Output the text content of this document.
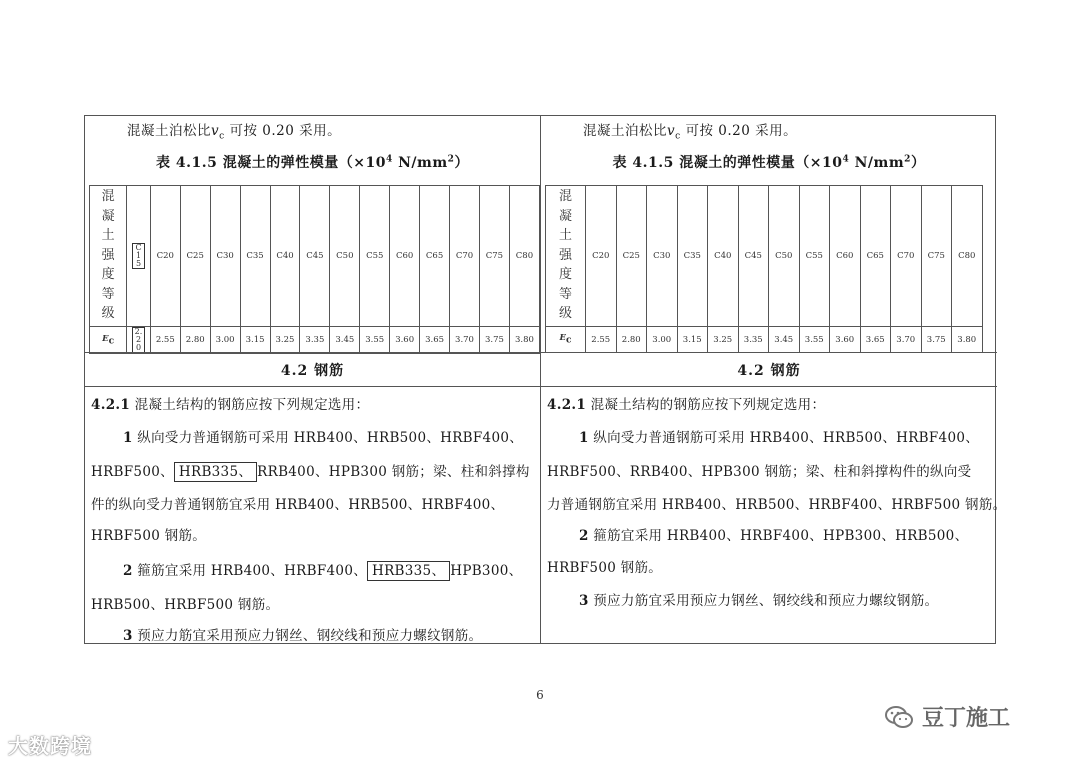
混凝土泊松比$v_c$ 可按 0.20 采用。
表 4.1.5 混凝土的弹性模量（$\times 10^4$ $N/mm^2$）
混凝土强度等级	C15	C20	C25	C30	C35	C40	C45	C50	C55	C60	C65	C70	C75	C80
$E_c$	2.20	2.55	2.80	3.00	3.15	3.25	3.35	3.45	3.55	3.60	3.65	3.70	3.75	3.80
4.2 钢筋
4.2.1 混凝土结构的钢筋应按下列规定选用：
1 纵向受力普通钢筋可采用 HRB400、HRB500、HRBF400、
HRBF500、 HRB335、 RRB400、HPB300 钢筋；梁、柱和斜撑构
件的纵向受力普通钢筋宜采用 HRB400、HRB500、HRBF400、
HRBF500 钢筋。
2 箍筋宜采用 HRB400、HRBF400、 HRB335、 HPB300、
HRB500、HRBF500 钢筋。
3 预应力筋宜采用预应力钢丝、钢绞线和预应力螺纹钢筋。
混凝土泊松比$v_c$ 可按 0.20 采用。
表 4.1.5 混凝土的弹性模量（$\times 10^4$ $N/mm^2$）
混凝土强度等级	C20	C25	C30	C35	C40	C45	C50	C55	C60	C65	C70	C75	C80
$E_c$	2.55	2.80	3.00	3.15	3.25	3.35	3.45	3.55	3.60	3.65	3.70	3.75	3.80
4.2 钢筋
4.2.1 混凝土结构的钢筋应按下列规定选用：
1 纵向受力普通钢筋可采用 HRB400、HRB500、HRBF400、
HRBF500、RRB400、HPB300 钢筋；梁、柱和斜撑构件的纵向受
力普通钢筋宜采用 HRB400、HRB500、HRBF400、HRBF500 钢筋。
2 箍筋宜采用 HRB400、HRBF400、HPB300、HRB500、
HRBF500 钢筋。
3 预应力筋宜采用预应力钢丝、钢绞线和预应力螺纹钢筋。
6
大数跨境
豆丁施工
